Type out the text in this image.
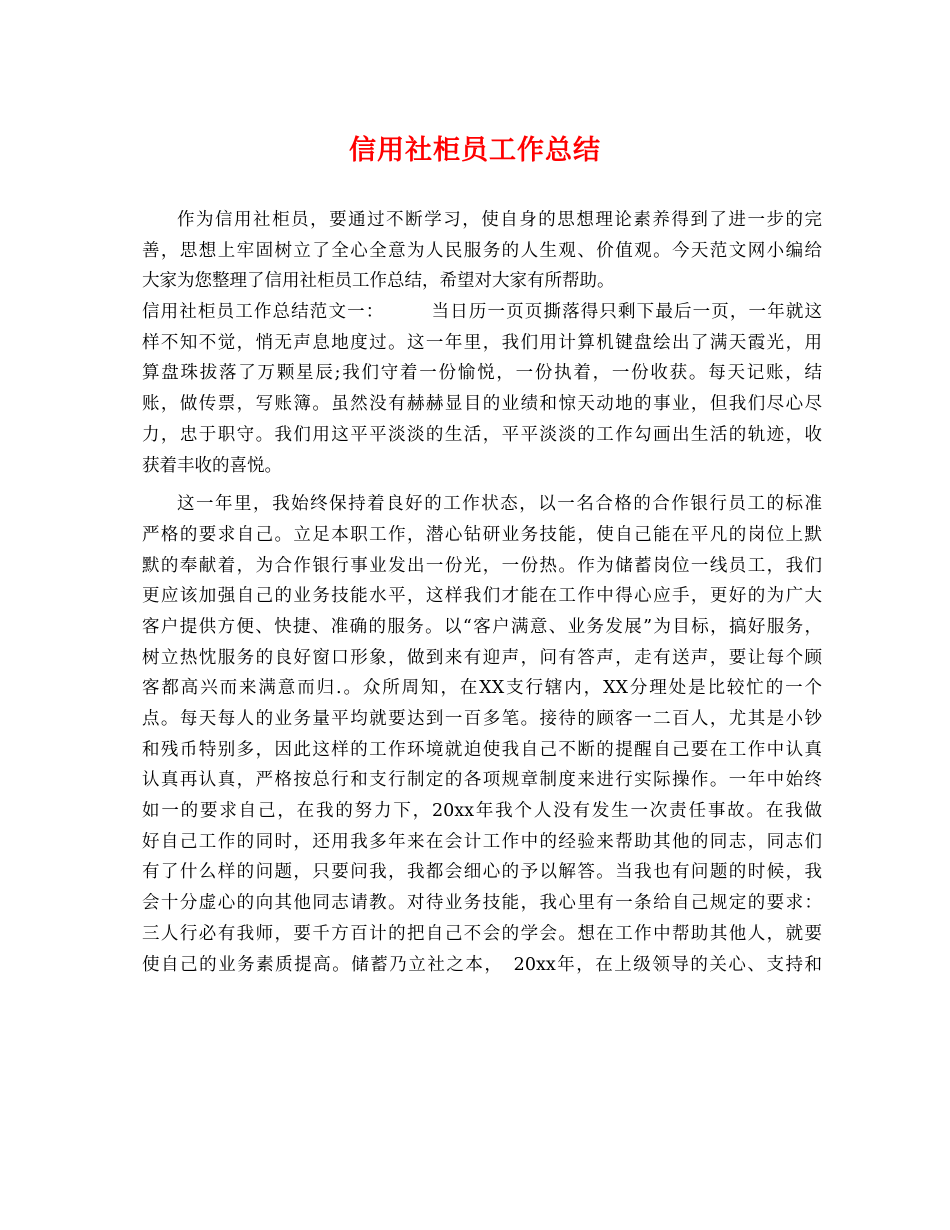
信用社柜员工作总结
作为信用社柜员，要通过不断学习，使自身的思想理论素养得到了进一步的完
善，思想上牢固树立了全心全意为人民服务的人生观、价值观。今天范文网小编给
大家为您整理了信用社柜员工作总结，希望对大家有所帮助。
信用社柜员工作总结范文一：　　　当日历一页页撕落得只剩下最后一页，一年就这
样不知不觉，悄无声息地度过。这一年里，我们用计算机键盘绘出了满天霞光，用
算盘珠拔落了万颗星辰;我们守着一份愉悦，一份执着，一份收获。每天记账，结
账，做传票，写账簿。虽然没有赫赫显目的业绩和惊天动地的事业，但我们尽心尽
力，忠于职守。我们用这平平淡淡的生活，平平淡淡的工作勾画出生活的轨迹，收
获着丰收的喜悦。
这一年里，我始终保持着良好的工作状态，以一名合格的合作银行员工的标准
严格的要求自己。立足本职工作，潜心钻研业务技能，使自己能在平凡的岗位上默
默的奉献着，为合作银行事业发出一份光，一份热。作为储蓄岗位一线员工，我们
更应该加强自己的业务技能水平，这样我们才能在工作中得心应手，更好的为广大
客户提供方便、快捷、准确的服务。以“客户满意、业务发展”为目标，搞好服务，
树立热忱服务的良好窗口形象，做到来有迎声，问有答声，走有送声，要让每个顾
客都高兴而来满意而归.。众所周知，在XX支行辖内，XX分理处是比较忙的一个
点。每天每人的业务量平均就要达到一百多笔。接待的顾客一二百人，尤其是小钞
和残币特别多，因此这样的工作环境就迫使我自己不断的提醒自己要在工作中认真
认真再认真，严格按总行和支行制定的各项规章制度来进行实际操作。一年中始终
如一的要求自己，在我的努力下，20xx年我个人没有发生一次责任事故。在我做
好自己工作的同时，还用我多年来在会计工作中的经验来帮助其他的同志，同志们
有了什么样的问题，只要问我，我都会细心的予以解答。当我也有问题的时候，我
会十分虚心的向其他同志请教。对待业务技能，我心里有一条给自己规定的要求：
三人行必有我师，要千方百计的把自己不会的学会。想在工作中帮助其他人，就要
使自己的业务素质提高。储蓄乃立社之本，　20xx年，在上级领导的关心、支持和
